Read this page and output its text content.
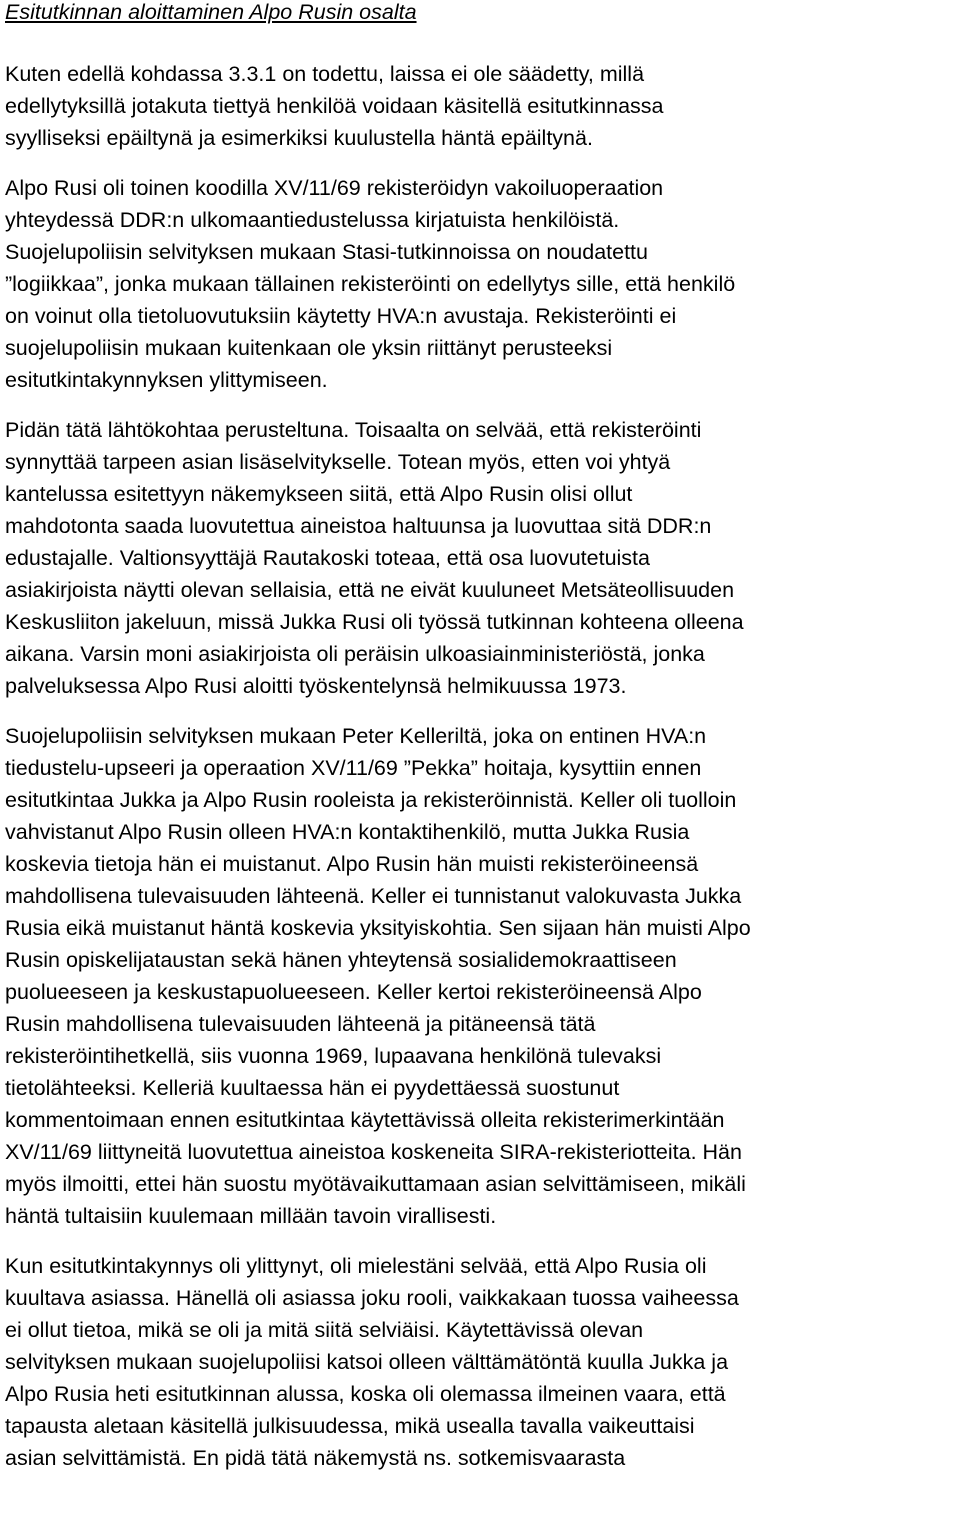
Esitutkinnan aloittaminen Alpo Rusin osalta
Kuten edellä kohdassa 3.3.1 on todettu, laissa ei ole säädetty, millä
edellytyksillä jotakuta tiettyä henkilöä voidaan käsitellä esitutkinnassa
syylliseksi epäiltynä ja esimerkiksi kuulustella häntä epäiltynä.
Alpo Rusi oli toinen koodilla XV/11/69 rekisteröidyn vakoiluoperaation
yhteydessä DDR:n ulkomaantiedustelussa kirjatuista henkilöistä.
Suojelupoliisin selvityksen mukaan Stasi-tutkinnoissa on noudatettu
”logiikkaa”, jonka mukaan tällainen rekisteröinti on edellytys sille, että henkilö
on voinut olla tietoluovutuksiin käytetty HVA:n avustaja. Rekisteröinti ei
suojelupoliisin mukaan kuitenkaan ole yksin riittänyt perusteeksi
esitutkintakynnyksen ylittymiseen.
Pidän tätä lähtökohtaa perusteltuna. Toisaalta on selvää, että rekisteröinti
synnyttää tarpeen asian lisäselvitykselle. Totean myös, etten voi yhtyä
kantelussa esitettyyn näkemykseen siitä, että Alpo Rusin olisi ollut
mahdotonta saada luovutettua aineistoa haltuunsa ja luovuttaa sitä DDR:n
edustajalle. Valtionsyyttäjä Rautakoski toteaa, että osa luovutetuista
asiakirjoista näytti olevan sellaisia, että ne eivät kuuluneet Metsäteollisuuden
Keskusliiton jakeluun, missä Jukka Rusi oli työssä tutkinnan kohteena olleena
aikana. Varsin moni asiakirjoista oli peräisin ulkoasiainministeriöstä, jonka
palveluksessa Alpo Rusi aloitti työskentelynsä helmikuussa 1973.
Suojelupoliisin selvityksen mukaan Peter Kelleriltä, joka on entinen HVA:n
tiedustelu-upseeri ja operaation XV/11/69 ”Pekka” hoitaja, kysyttiin ennen
esitutkintaa Jukka ja Alpo Rusin rooleista ja rekisteröinnistä. Keller oli tuolloin
vahvistanut Alpo Rusin olleen HVA:n kontaktihenkilö, mutta Jukka Rusia
koskevia tietoja hän ei muistanut. Alpo Rusin hän muisti rekisteröineensä
mahdollisena tulevaisuuden lähteenä. Keller ei tunnistanut valokuvasta Jukka
Rusia eikä muistanut häntä koskevia yksityiskohtia. Sen sijaan hän muisti Alpo
Rusin opiskelijataustan sekä hänen yhteytensä sosialidemokraattiseen
puolueeseen ja keskustapuolueeseen. Keller kertoi rekisteröineensä Alpo
Rusin mahdollisena tulevaisuuden lähteenä ja pitäneensä tätä
rekisteröintihetkellä, siis vuonna 1969, lupaavana henkilönä tulevaksi
tietolähteeksi. Kelleriä kuultaessa hän ei pyydettäessä suostunut
kommentoimaan ennen esitutkintaa käytettävissä olleita rekisterimerkintään
XV/11/69 liittyneitä luovutettua aineistoa koskeneita SIRA-rekisteriotteita. Hän
myös ilmoitti, ettei hän suostu myötävaikuttamaan asian selvittämiseen, mikäli
häntä tultaisiin kuulemaan millään tavoin virallisesti.
Kun esitutkintakynnys oli ylittynyt, oli mielestäni selvää, että Alpo Rusia oli
kuultava asiassa. Hänellä oli asiassa joku rooli, vaikkakaan tuossa vaiheessa
ei ollut tietoa, mikä se oli ja mitä siitä selviäisi. Käytettävissä olevan
selvityksen mukaan suojelupoliisi katsoi olleen välttämätöntä kuulla Jukka ja
Alpo Rusia heti esitutkinnan alussa, koska oli olemassa ilmeinen vaara, että
tapausta aletaan käsitellä julkisuudessa, mikä usealla tavalla vaikeuttaisi
asian selvittämistä. En pidä tätä näkemystä ns. sotkemisvaarasta
